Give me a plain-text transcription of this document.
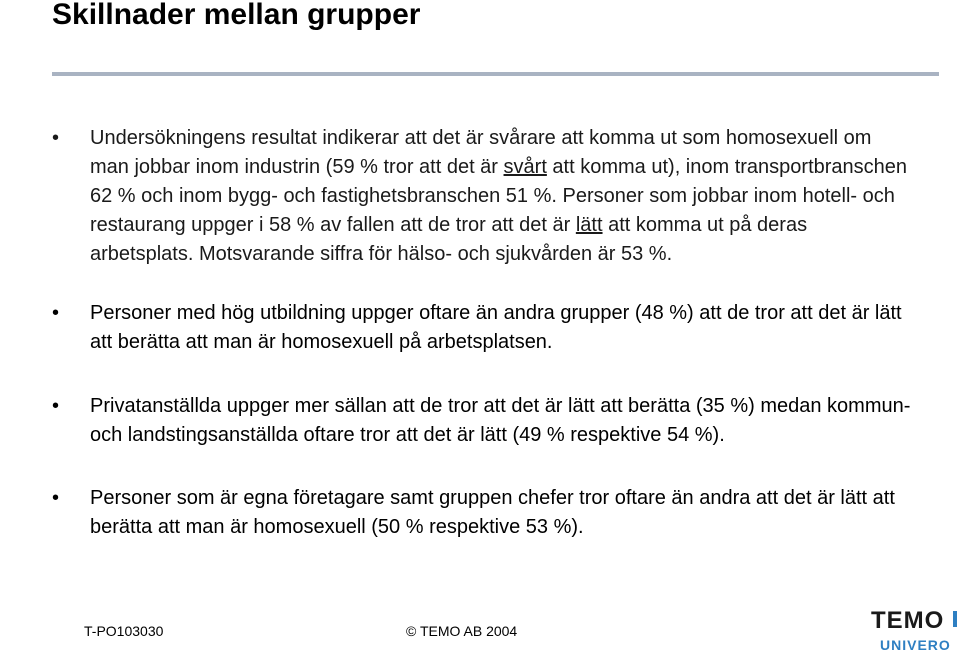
Skillnader mellan grupper
• Undersökningens resultat indikerar att det är svårare att komma ut som homosexuell om man jobbar inom industrin (59 % tror att det är svårt att komma ut), inom transportbranschen 62 % och inom bygg- och fastighetsbranschen 51 %. Personer som jobbar inom hotell- och restaurang uppger i 58 % av fallen att de tror att det är lätt att komma ut på deras arbetsplats. Motsvarande siffra för hälso- och sjukvården är 53 %.
• Personer med hög utbildning uppger oftare än andra grupper (48 %) att de tror att det är lätt att berätta att man är homosexuell på arbetsplatsen.
• Privatanställda uppger mer sällan att de tror att det är lätt att berätta (35 %) medan kommun- och landstingsanställda oftare tror att det är lätt (49 % respektive 54 %).
• Personer som är egna företagare samt gruppen chefer tror oftare än andra att det är lätt att berätta att man är homosexuell (50 % respektive 53 %).
T-PO103030	© TEMO AB 2004	TEMO
UNIVERO
